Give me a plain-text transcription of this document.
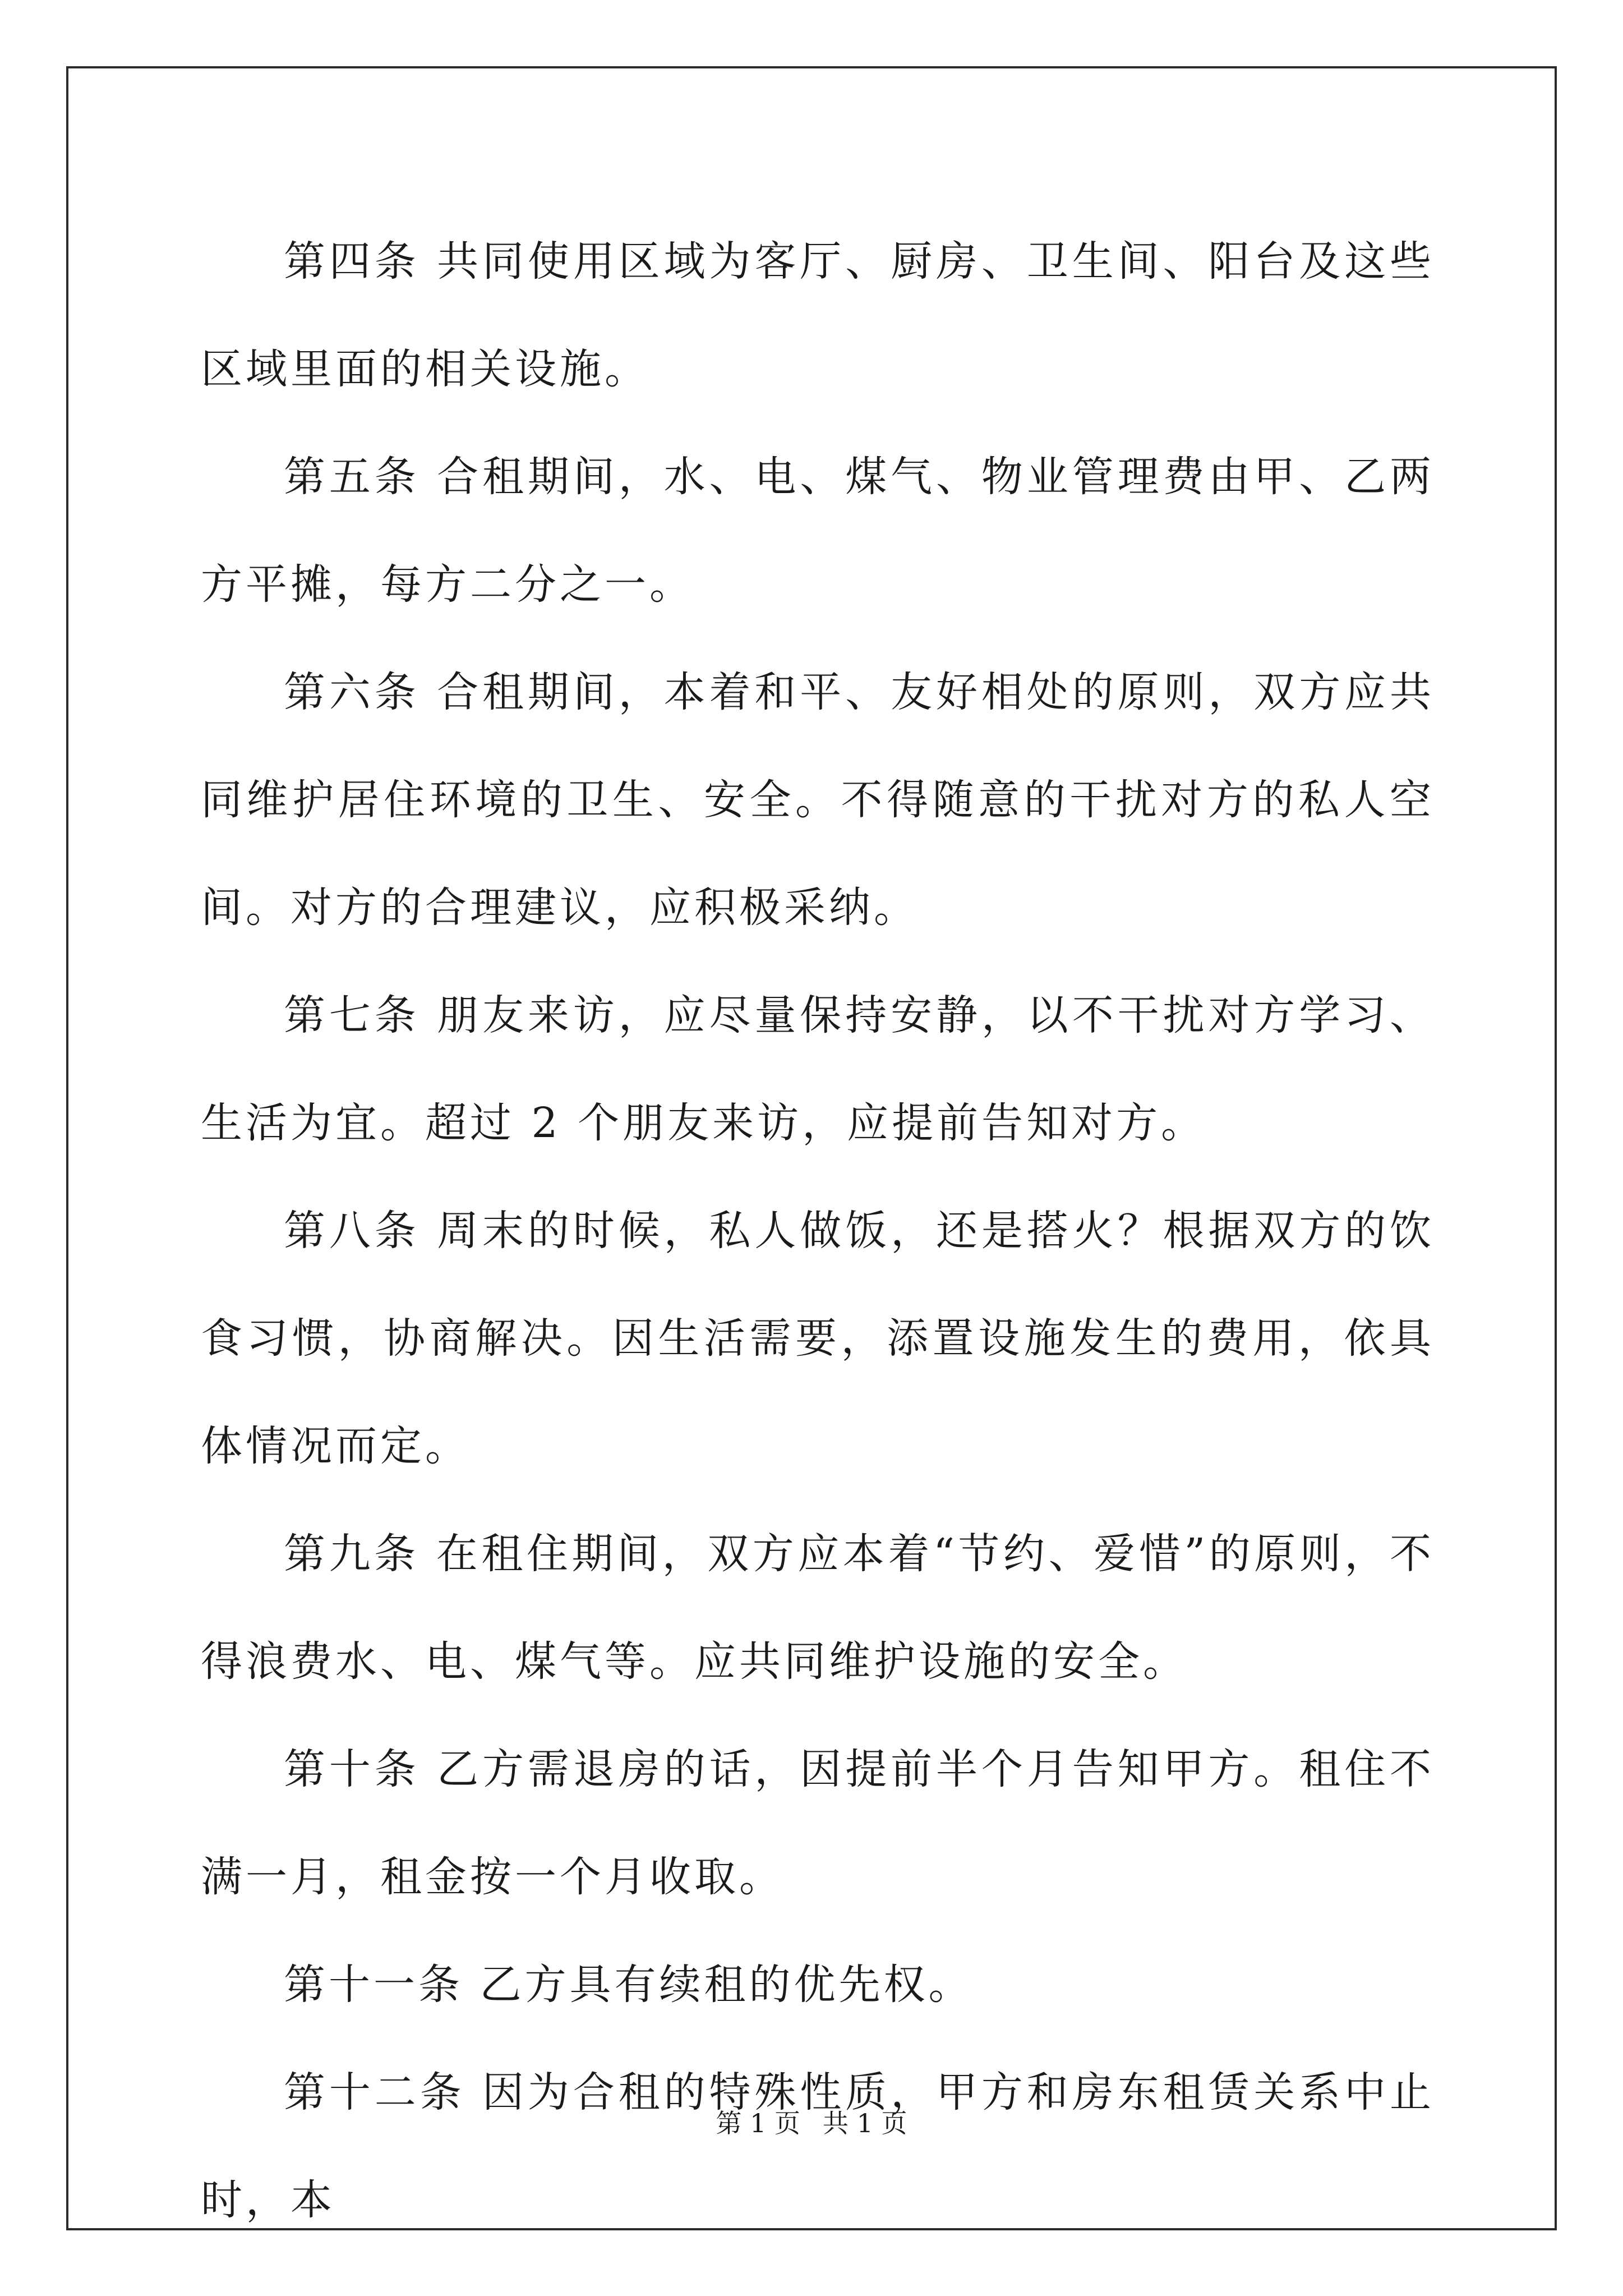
第四条 共同使用区域为客厅、厨房、卫生间、阳台及这些区域里面的相关设施。

第五条 合租期间，水、电、煤气、物业管理费由甲、乙两方平摊，每方二分之一。

第六条 合租期间，本着和平、友好相处的原则，双方应共同维护居住环境的卫生、安全。不得随意的干扰对方的私人空间。对方的合理建议，应积极采纳。

第七条 朋友来访，应尽量保持安静，以不干扰对方学习、生活为宜。超过 2 个朋友来访，应提前告知对方。

第八条 周末的时候，私人做饭，还是搭火？根据双方的饮食习惯，协商解决。因生活需要，添置设施发生的费用，依具体情况而定。

第九条 在租住期间，双方应本着“节约、爱惜”的原则，不得浪费水、电、煤气等。应共同维护设施的安全。

第十条 乙方需退房的话，因提前半个月告知甲方。租住不满一月，租金按一个月收取。

第十一条 乙方具有续租的优先权。

第十二条 因为合租的特殊性质，甲方和房东租赁关系中止时，本

第 1 页 共 1 页
